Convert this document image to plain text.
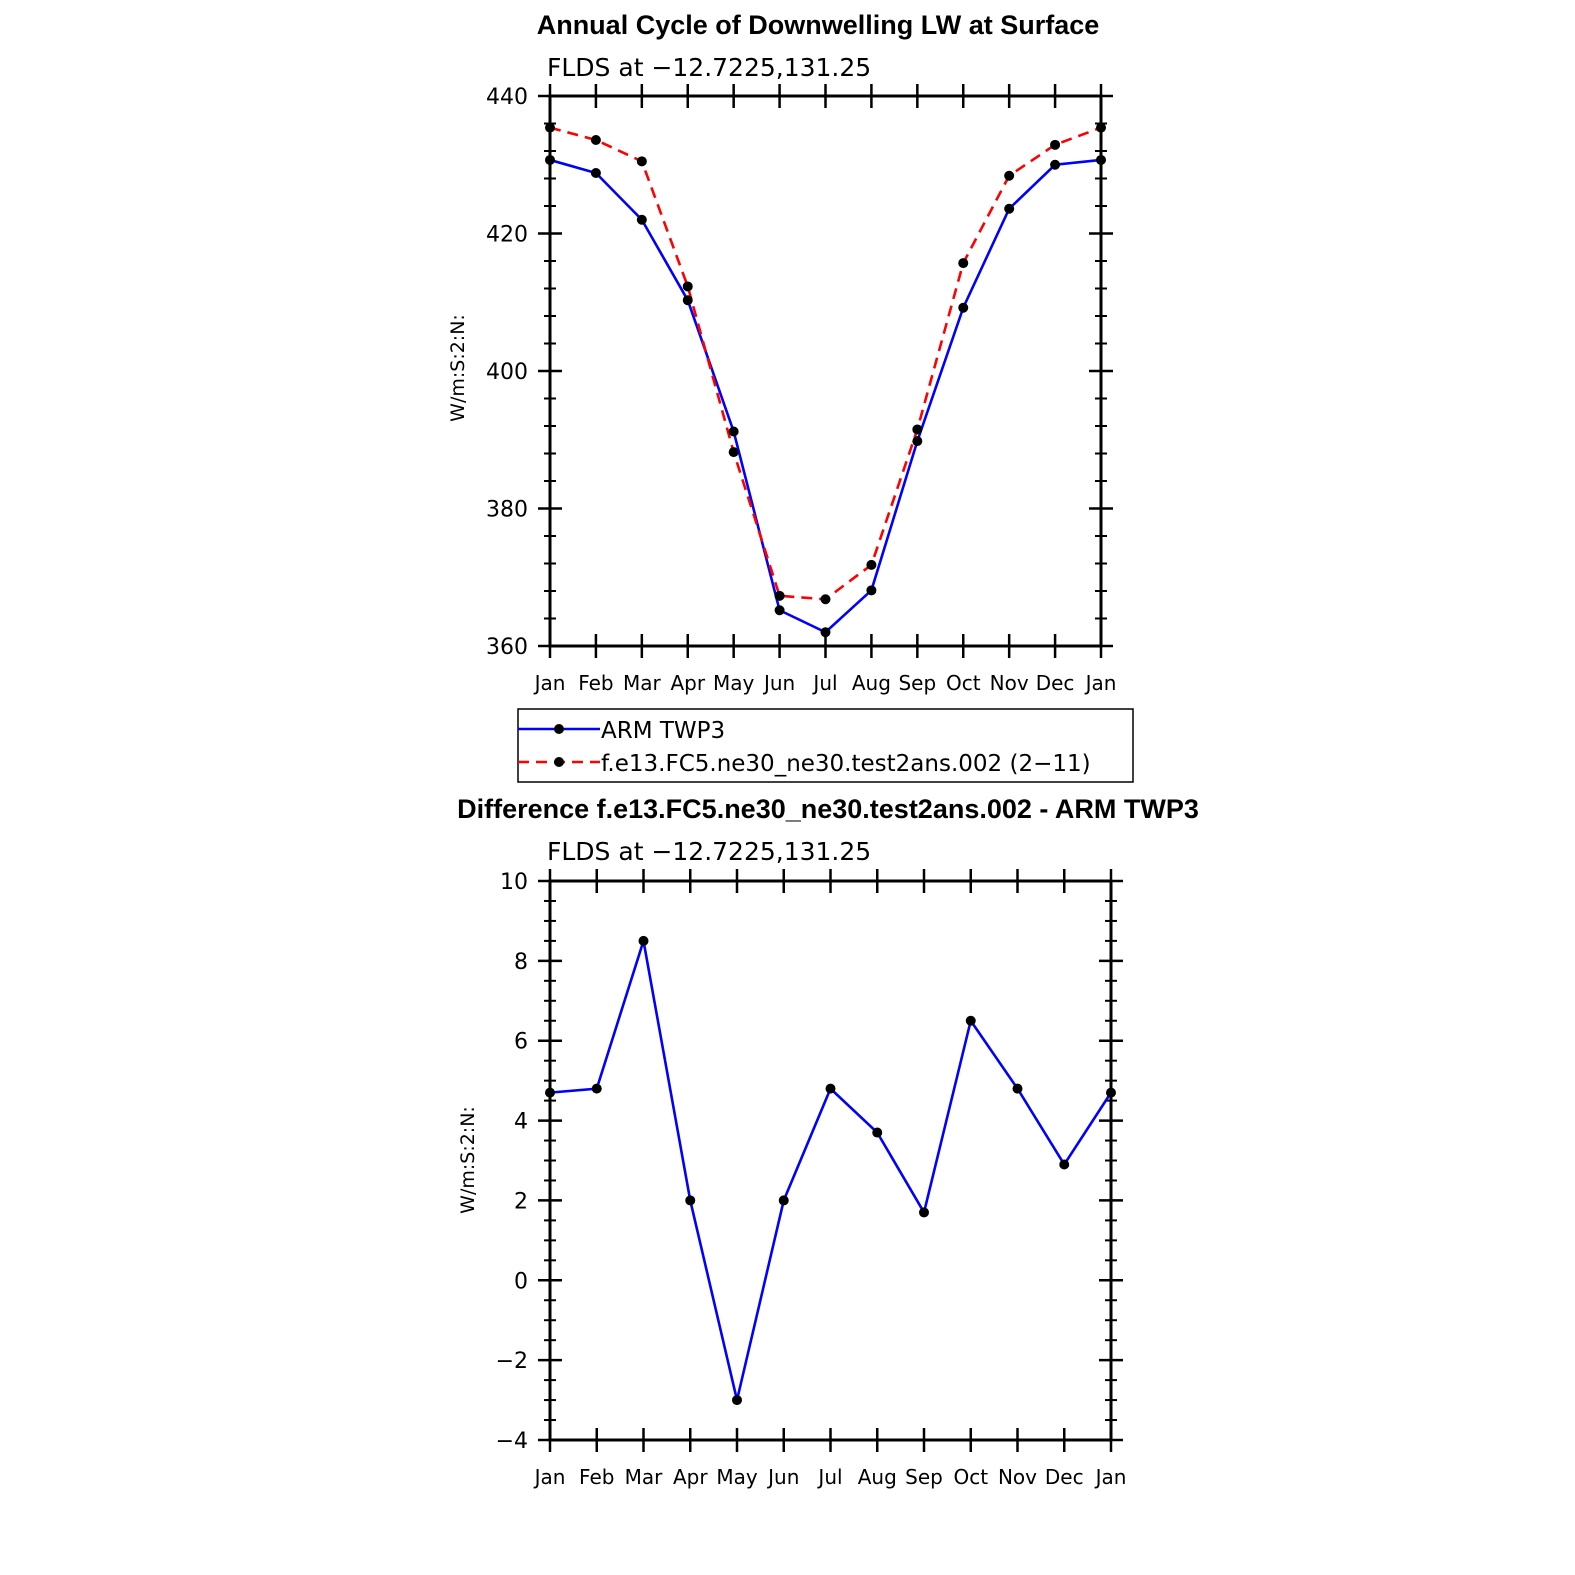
Annual Cycle of Downwelling LW at Surface
FLDS at −12.7225,131.25
W/m:S:2:N:
Jan Feb Mar Apr May Jun Jul Aug Sep Oct Nov Dec Jan
360
380
400
420
440
ARM TWP3
f.e13.FC5.ne30_ne30.test2ans.002 (2−11)
Difference f.e13.FC5.ne30_ne30.test2ans.002 - ARM TWP3
FLDS at −12.7225,131.25
W/m:S:2:N:
Jan Feb Mar Apr May Jun Jul Aug Sep Oct Nov Dec Jan
−4
−2
0
2
4
6
8
10
